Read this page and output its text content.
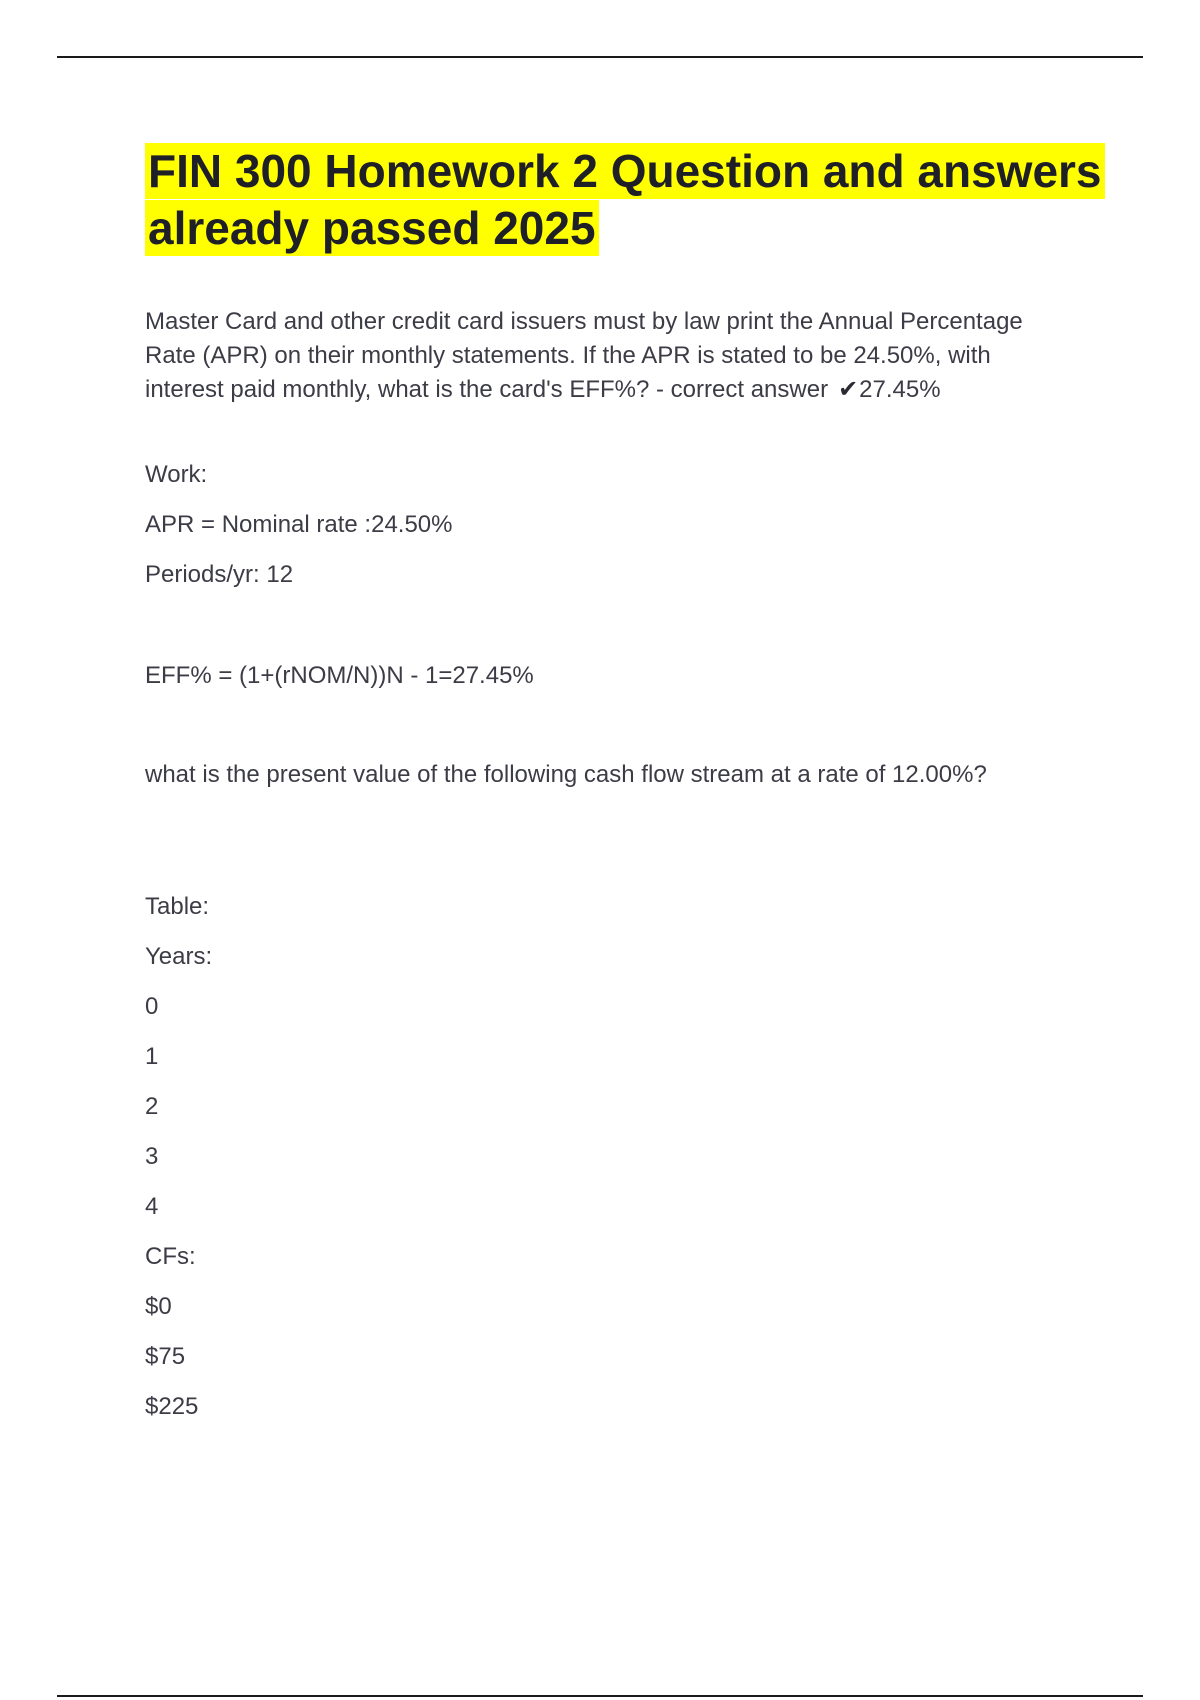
FIN 300 Homework 2 Question and answers already passed 2025

Master Card and other credit card issuers must by law print the Annual Percentage Rate (APR) on their monthly statements. If the APR is stated to be 24.50%, with interest paid monthly, what is the card's EFF%? - correct answer ✔27.45%

Work:

APR = Nominal rate :24.50%

Periods/yr: 12

EFF% = (1+(rNOM/N))N - 1=27.45%

what is the present value of the following cash flow stream at a rate of 12.00%?

Table:

Years:

0

1

2

3

4

CFs:

$0

$75

$225
